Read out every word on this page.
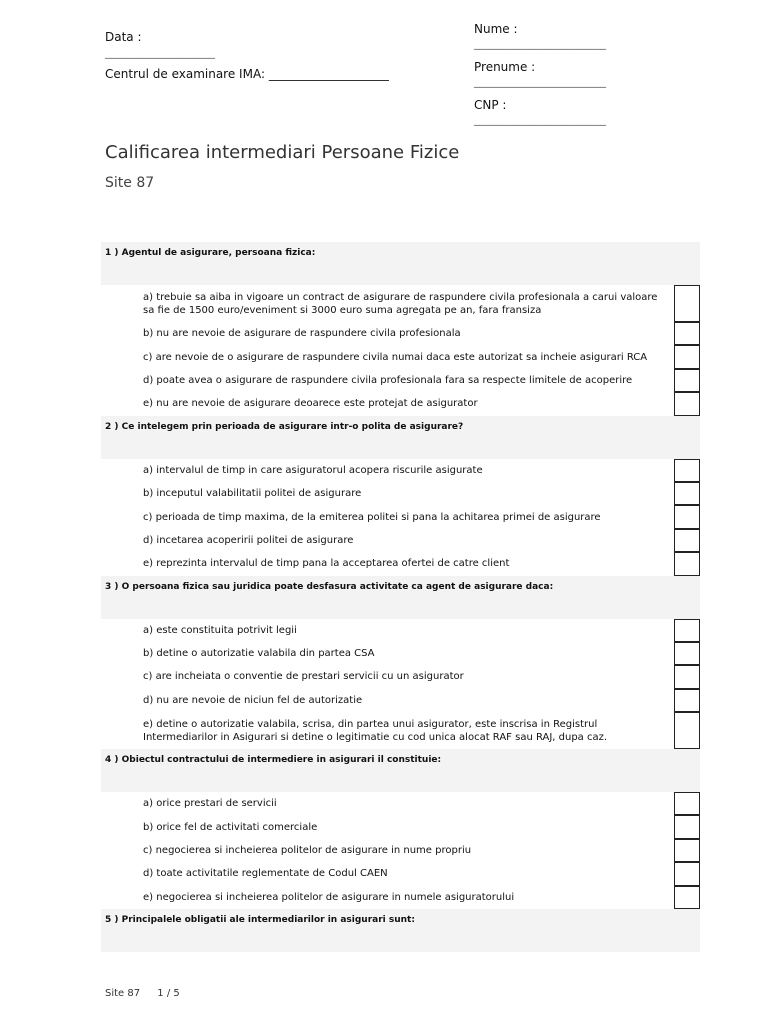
Data :
____________________
Centrul de examinare IMA: ____________________
Nume :
________________________
Prenume :
________________________
CNP :
________________________
Calificarea intermediari Persoane Fizice
Site 87
1 ) Agentul de asigurare, persoana fizica:
a) trebuie sa aiba in vigoare un contract de asigurare de raspundere civila profesionala a carui valoare sa fie de 1500 euro/eveniment si 3000 euro suma agregata pe an, fara fransiza
b) nu are nevoie de asigurare de raspundere civila profesionala
c) are nevoie de o asigurare de raspundere civila numai daca este autorizat sa incheie asigurari RCA
d) poate avea o asigurare de raspundere civila profesionala fara sa respecte limitele de acoperire
e) nu are nevoie de asigurare deoarece este protejat de asigurator
2 ) Ce intelegem prin perioada de asigurare intr-o polita de asigurare?
a) intervalul de timp in care asiguratorul acopera riscurile asigurate
b) inceputul valabilitatii politei de asigurare
c) perioada de timp maxima, de la emiterea politei si pana la achitarea primei de asigurare
d) incetarea acoperirii politei de asigurare
e) reprezinta intervalul de timp pana la acceptarea ofertei de catre client
3 ) O persoana fizica sau juridica poate desfasura activitate ca agent de asigurare daca:
a) este constituita potrivit legii
b) detine o autorizatie valabila din partea CSA
c) are incheiata o conventie de prestari servicii cu un asigurator
d) nu are nevoie de niciun fel de autorizatie
e) detine o autorizatie valabila, scrisa, din partea unui asigurator, este inscrisa in Registrul Intermediarilor in Asigurari si detine o legitimatie cu cod unica alocat RAF sau RAJ, dupa caz.
4 ) Obiectul contractului de intermediere in asigurari il constituie:
a) orice prestari de servicii
b) orice fel de activitati comerciale
c) negocierea si incheierea politelor de asigurare in nume propriu
d) toate activitatile reglementate de Codul CAEN
e) negocierea si incheierea politelor de asigurare in numele asiguratorului
5 ) Principalele obligatii ale intermediarilor in asigurari sunt:
Site 87 1 / 5
